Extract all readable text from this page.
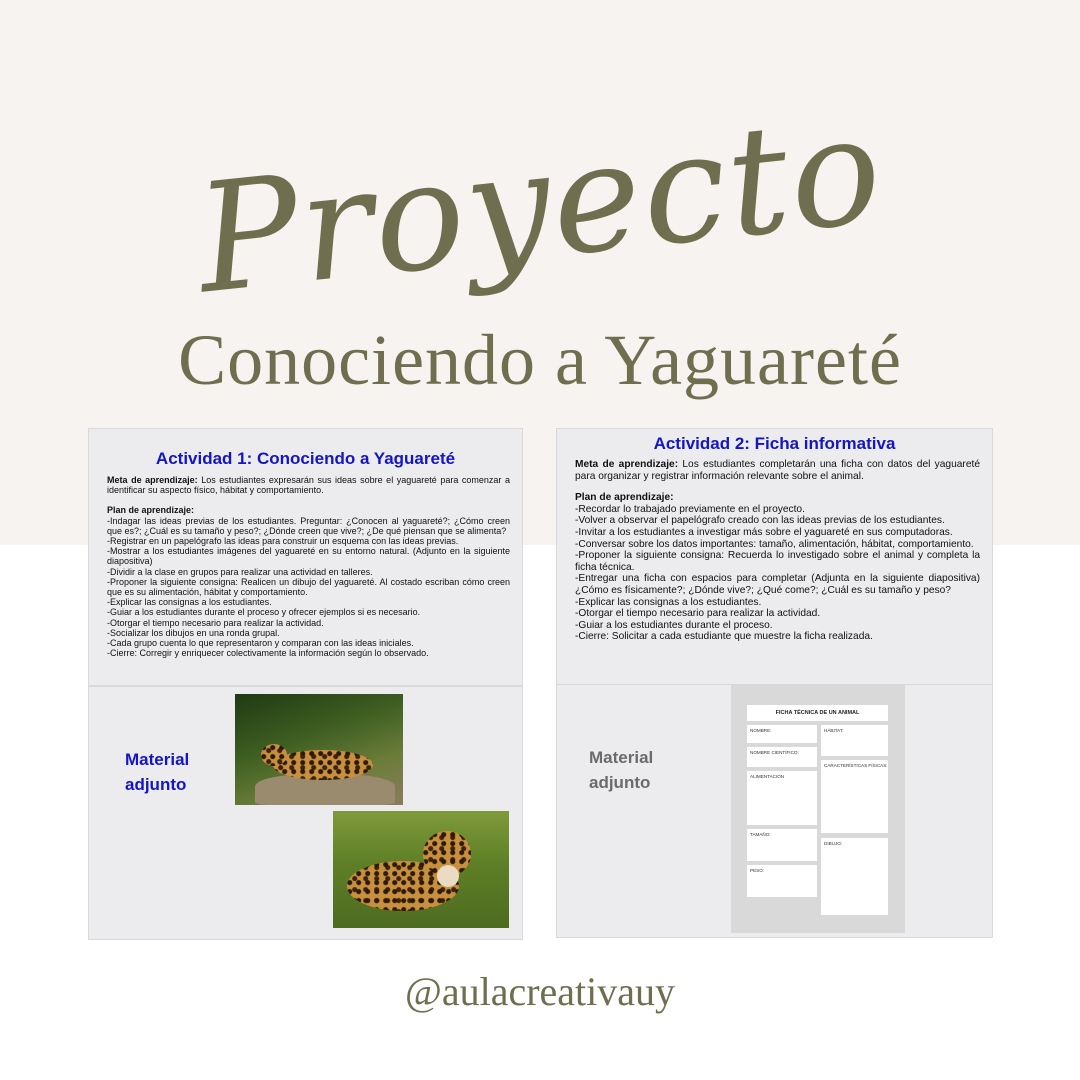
Proyecto
Conociendo a Yaguareté
Actividad 1: Conociendo a Yaguareté
Meta de aprendizaje: Los estudiantes expresarán sus ideas sobre el yaguareté para comenzar a identificar su aspecto físico, hábitat y comportamiento.
Plan de aprendizaje:
-Indagar las ideas previas de los estudiantes. Preguntar: ¿Conocen al yaguareté?; ¿Cómo creen que es?; ¿Cuál es su tamaño y peso?; ¿Dónde creen que vive?; ¿De qué piensan que se alimenta?
-Registrar en un papelógrafo las ideas para construir un esquema con las ideas previas.
-Mostrar a los estudiantes imágenes del yaguareté en su entorno natural. (Adjunto en la siguiente diapositiva)
-Dividir a la clase en grupos para realizar una actividad en talleres.
-Proponer la siguiente consigna: Realicen un dibujo del yaguareté. Al costado escriban cómo creen que es su alimentación, hábitat y comportamiento.
-Explicar las consignas a los estudiantes.
-Guiar a los estudiantes durante el proceso y ofrecer ejemplos si es necesario.
-Otorgar el tiempo necesario para realizar la actividad.
-Socializar los dibujos en una ronda grupal.
-Cada grupo cuenta lo que representaron y comparan con las ideas iniciales.
-Cierre: Corregir y enriquecer colectivamente la información según lo observado.
Material
adjunto
Actividad 2: Ficha informativa
Meta de aprendizaje: Los estudiantes completarán una ficha con datos del yaguareté para organizar y registrar información relevante sobre el animal.
Plan de aprendizaje:
-Recordar lo trabajado previamente en el proyecto.
-Volver a observar el papelógrafo creado con las ideas previas de los estudiantes.
-Invitar a los estudiantes a investigar más sobre el yaguareté en sus computadoras.
-Conversar sobre los datos importantes: tamaño, alimentación, hábitat, comportamiento.
-Proponer la siguiente consigna: Recuerda lo investigado sobre el animal y completa la ficha técnica.
-Entregar una ficha con espacios para completar (Adjunta en la siguiente diapositiva) ¿Cómo es físicamente?; ¿Dónde vive?; ¿Qué come?; ¿Cuál es su tamaño y peso?
-Explicar las consignas a los estudiantes.
-Otorgar el tiempo necesario para realizar la actividad.
-Guiar a los estudiantes durante el proceso.
-Cierre: Solicitar a cada estudiante que muestre la ficha realizada.
Material
adjunto
FICHA TÉCNICA DE UN ANIMAL
NOMBRE:	HÁBITAT:
NOMBRE CIENTÍFICO:
CARACTERÍSTICAS FÍSICAS:
ALIMENTACIÓN
TAMAÑO:
DIBUJO:
PESO:
@aulacreativauy
